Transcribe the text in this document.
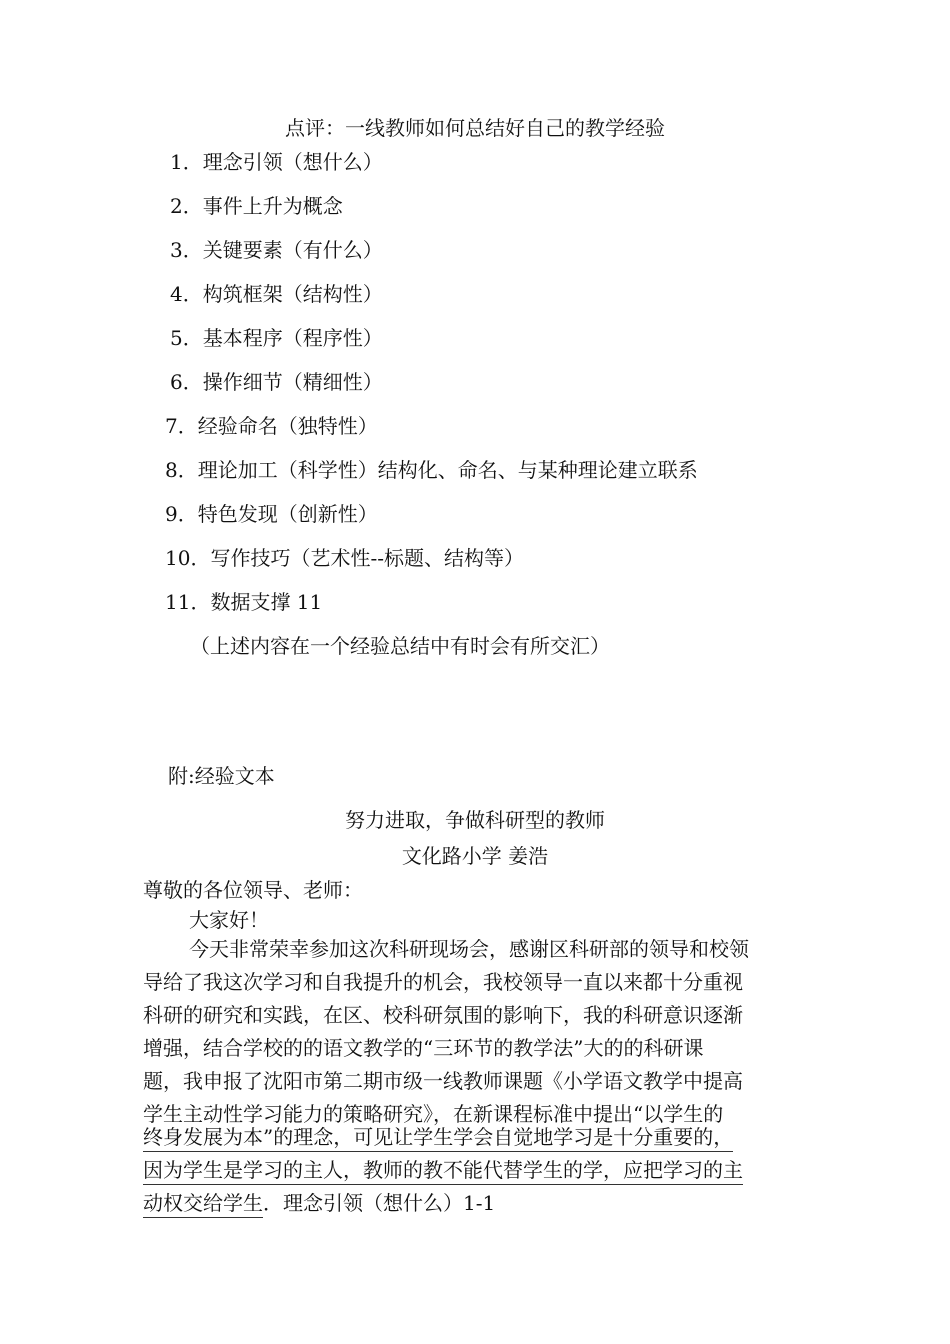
点评：一线教师如何总结好自己的教学经验
1．理念引领（想什么）
2．事件上升为概念
3．关键要素（有什么）
4．构筑框架（结构性）
5．基本程序（程序性）
6．操作细节（精细性）
7．经验命名（独特性）
8．理论加工（科学性）结构化、命名、与某种理论建立联系
9．特色发现（创新性）
10．写作技巧（艺术性--标题、结构等）
11．数据支撑 11
（上述内容在一个经验总结中有时会有所交汇）
附:经验文本
努力进取，争做科研型的教师
文化路小学 姜浩
尊敬的各位领导、老师：
大家好！
今天非常荣幸参加这次科研现场会，感谢区科研部的领导和校领
导给了我这次学习和自我提升的机会，我校领导一直以来都十分重视
科研的研究和实践，在区、校科研氛围的影响下，我的科研意识逐渐
增强，结合学校的的语文教学的“三环节的教学法”大的的科研课
题，我申报了沈阳市第二期市级一线教师课题《小学语文教学中提高
学生主动性学习能力的策略研究》，在新课程标准中提出“以学生的
终身发展为本”的理念，可见让学生学会自觉地学习是十分重要的，
因为学生是学习的主人，教师的教不能代替学生的学，应把学习的主
动权交给学生．理念引领（想什么）1-1
